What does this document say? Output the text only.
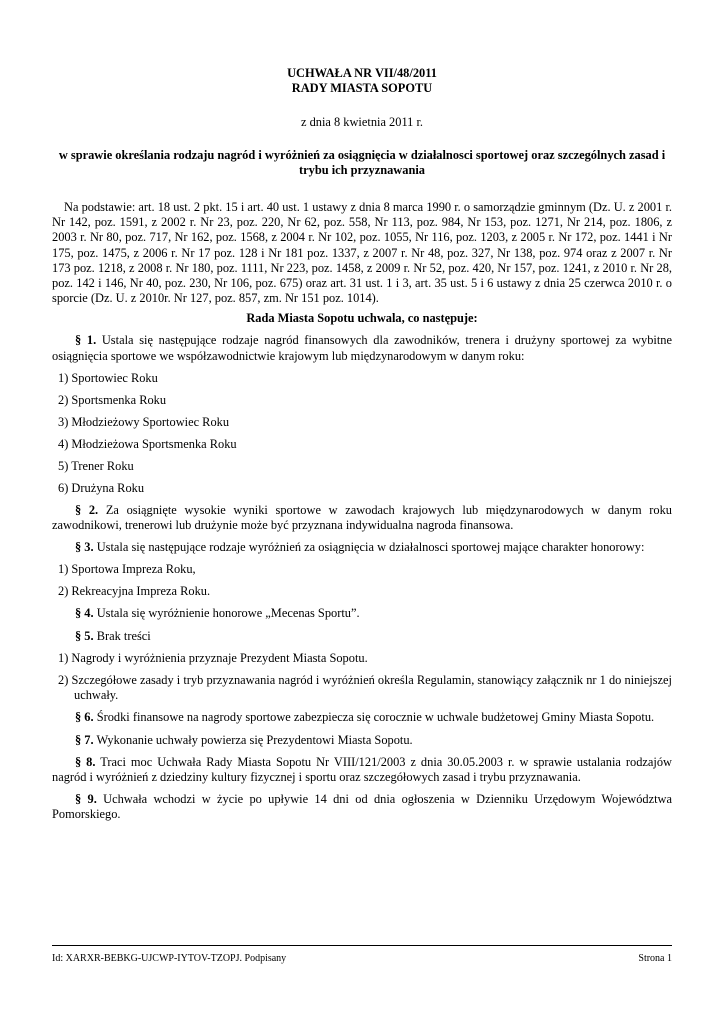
UCHWAŁA NR VII/48/2011
RADY MIASTA SOPOTU
z dnia 8 kwietnia 2011 r.
w sprawie określania rodzaju nagród i wyróżnień za osiągnięcia w działalnosci sportowej oraz szczególnych zasad i trybu ich przyznawania
Na podstawie: art. 18 ust. 2 pkt. 15 i art. 40 ust. 1 ustawy z dnia 8 marca 1990 r. o samorządzie gminnym (Dz. U. z 2001 r. Nr 142, poz. 1591, z 2002 r. Nr 23, poz. 220, Nr 62, poz. 558, Nr 113, poz. 984, Nr 153, poz. 1271, Nr 214, poz. 1806, z 2003 r. Nr 80, poz. 717, Nr 162, poz. 1568, z 2004 r. Nr 102, poz. 1055, Nr 116, poz. 1203, z 2005 r. Nr 172, poz. 1441 i Nr 175, poz. 1475, z 2006 r. Nr 17 poz. 128 i Nr 181 poz. 1337, z 2007 r. Nr 48, poz. 327, Nr 138, poz. 974 oraz z 2007 r. Nr 173 poz. 1218, z 2008 r. Nr 180, poz. 1111, Nr 223, poz. 1458, z 2009 r. Nr 52, poz. 420, Nr 157, poz. 1241, z 2010 r. Nr 28, poz. 142 i 146, Nr 40, poz. 230, Nr 106, poz. 675) oraz art. 31 ust. 1 i 3, art. 35 ust. 5 i 6 ustawy z dnia 25 czerwca 2010 r. o sporcie (Dz. U. z 2010r. Nr 127, poz. 857, zm. Nr 151 poz. 1014).
Rada Miasta Sopotu uchwala, co następuje:
§ 1. Ustala się następujące rodzaje nagród finansowych dla zawodników, trenera i drużyny sportowej za wybitne osiągnięcia sportowe we współzawodnictwie krajowym lub międzynarodowym w danym roku:
1) Sportowiec Roku
2) Sportsmenka Roku
3) Młodzieżowy Sportowiec Roku
4) Młodzieżowa Sportsmenka Roku
5) Trener Roku
6) Drużyna Roku
§ 2. Za osiągnięte wysokie wyniki sportowe w zawodach krajowych lub międzynarodowych w danym roku zawodnikowi, trenerowi lub drużynie może być przyznana indywidualna nagroda finansowa.
§ 3. Ustala się następujące rodzaje wyróżnień za osiągnięcia w działalnosci sportowej mające charakter honorowy:
1) Sportowa Impreza Roku,
2) Rekreacyjna Impreza Roku.
§ 4. Ustala się wyróżnienie honorowe „Mecenas Sportu”.
§ 5. Brak treści
1) Nagrody i wyróżnienia przyznaje Prezydent Miasta Sopotu.
2) Szczegółowe zasady i tryb przyznawania nagród i wyróżnień określa Regulamin, stanowiący załącznik nr 1 do niniejszej uchwały.
§ 6. Środki finansowe na nagrody sportowe zabezpiecza się corocznie w uchwale budżetowej Gminy Miasta Sopotu.
§ 7. Wykonanie uchwały powierza się Prezydentowi Miasta Sopotu.
§ 8. Traci moc Uchwała Rady Miasta Sopotu Nr VIII/121/2003 z dnia 30.05.2003 r. w sprawie ustalania rodzajów nagród i wyróżnień z dziedziny kultury fizycznej i sportu oraz szczegółowych zasad i trybu przyznawania.
§ 9. Uchwała wchodzi w życie po upływie 14 dni od dnia ogłoszenia w Dzienniku Urzędowym Województwa Pomorskiego.
Id: XARXR-BEBKG-UJCWP-IYTOV-TZOPJ. Podpisany	Strona 1
